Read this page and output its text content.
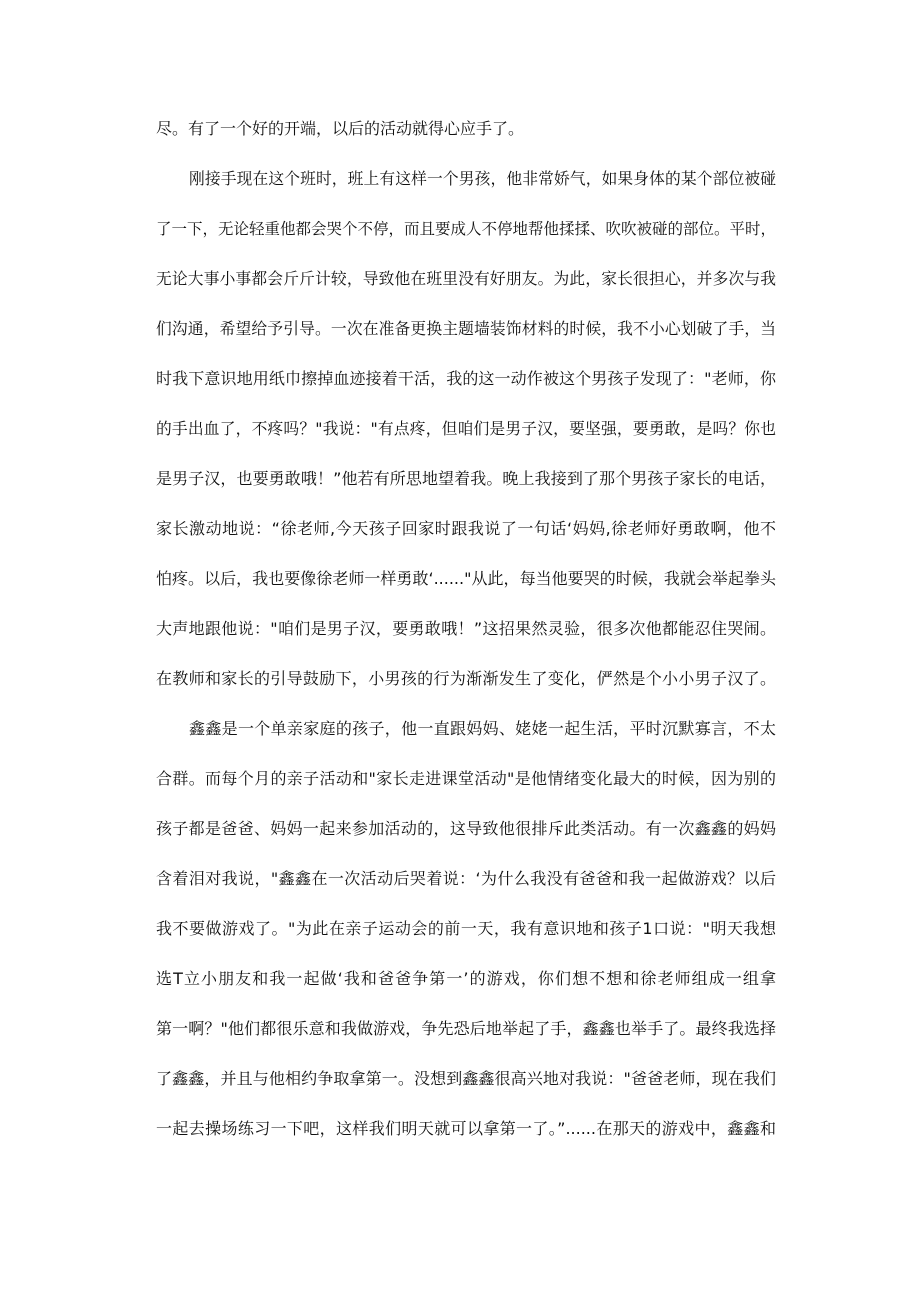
尽。有了一个好的开端，以后的活动就得心应手了。

刚接手现在这个班时，班上有这样一个男孩，他非常娇气，如果身体的某个部位被碰

了一下，无论轻重他都会哭个不停，而且要成人不停地帮他揉揉、吹吹被碰的部位。平时，

无论大事小事都会斤斤计较，导致他在班里没有好朋友。为此，家长很担心，并多次与我

们沟通，希望给予引导。一次在准备更换主题墙装饰材料的时候，我不小心划破了手，当

时我下意识地用纸巾擦掉血迹接着干活，我的这一动作被这个男孩子发现了："老师，你

的手出血了，不疼吗？"我说："有点疼，但咱们是男子汉，要坚强，要勇敢，是吗？你也

是男子汉，也要勇敢哦！”他若有所思地望着我。晚上我接到了那个男孩子家长的电话，

家长激动地说：“徐老师,今天孩子回家时跟我说了一句话‘妈妈,徐老师好勇敢啊，他不

怕疼。以后，我也要像徐老师一样勇敢‘......"从此，每当他要哭的时候，我就会举起拳头

大声地跟他说："咱们是男子汉，要勇敢哦！”这招果然灵验，很多次他都能忍住哭闹。

在教师和家长的引导鼓励下，小男孩的行为渐渐发生了变化，俨然是个小小男子汉了。

鑫鑫是一个单亲家庭的孩子，他一直跟妈妈、姥姥一起生活，平时沉默寡言，不太

合群。而每个月的亲子活动和"家长走进课堂活动"是他情绪变化最大的时候，因为别的

孩子都是爸爸、妈妈一起来参加活动的，这导致他很排斥此类活动。有一次鑫鑫的妈妈

含着泪对我说，"鑫鑫在一次活动后哭着说：‘为什么我没有爸爸和我一起做游戏？以后

我不要做游戏了。"为此在亲子运动会的前一天，我有意识地和孩子1口说："明天我想

选T立小朋友和我一起做‘我和爸爸争第一’的游戏，你们想不想和徐老师组成一组拿

第一啊？"他们都很乐意和我做游戏，争先恐后地举起了手，鑫鑫也举手了。最终我选择

了鑫鑫，并且与他相约争取拿第一。没想到鑫鑫很高兴地对我说："爸爸老师，现在我们

一起去操场练习一下吧，这样我们明天就可以拿第一了。”......在那天的游戏中，鑫鑫和
